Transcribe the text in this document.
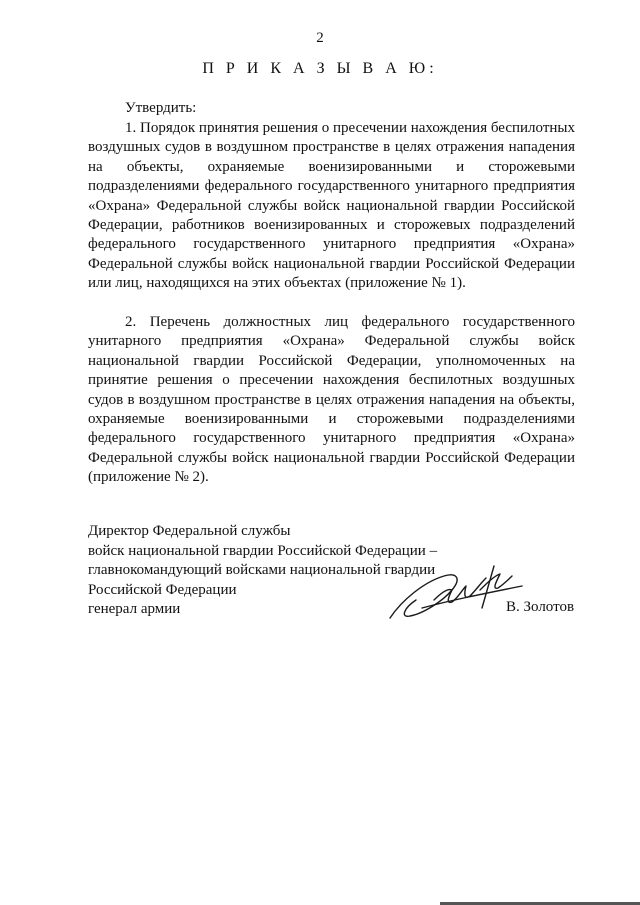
2
П Р И К А З Ы В А Ю:
Утвердить:

1. Порядок принятия решения о пресечении нахождения беспилотных воздушных судов в воздушном пространстве в целях отражения нападения на объекты, охраняемые военизированными и сторожевыми подразделениями федерального государственного унитарного предприятия «Охрана» Федеральной службы войск национальной гвардии Российской Федерации, работников военизированных и сторожевых подразделений федерального государственного унитарного предприятия «Охрана» Федеральной службы войск национальной гвардии Российской Федерации или лиц, находящихся на этих объектах (приложение № 1).

2. Перечень должностных лиц федерального государственного унитарного предприятия «Охрана» Федеральной службы войск национальной гвардии Российской Федерации, уполномоченных на принятие решения о пресечении нахождения беспилотных воздушных судов в воздушном пространстве в целях отражения нападения на объекты, охраняемые военизированными и сторожевыми подразделениями федерального государственного унитарного предприятия «Охрана» Федеральной службы войск национальной гвардии Российской Федерации (приложение № 2).

Директор Федеральной службы
войск национальной гвардии Российской Федерации –
главнокомандующий войсками национальной гвардии
Российской Федерации
генерал армии	В. Золотов
